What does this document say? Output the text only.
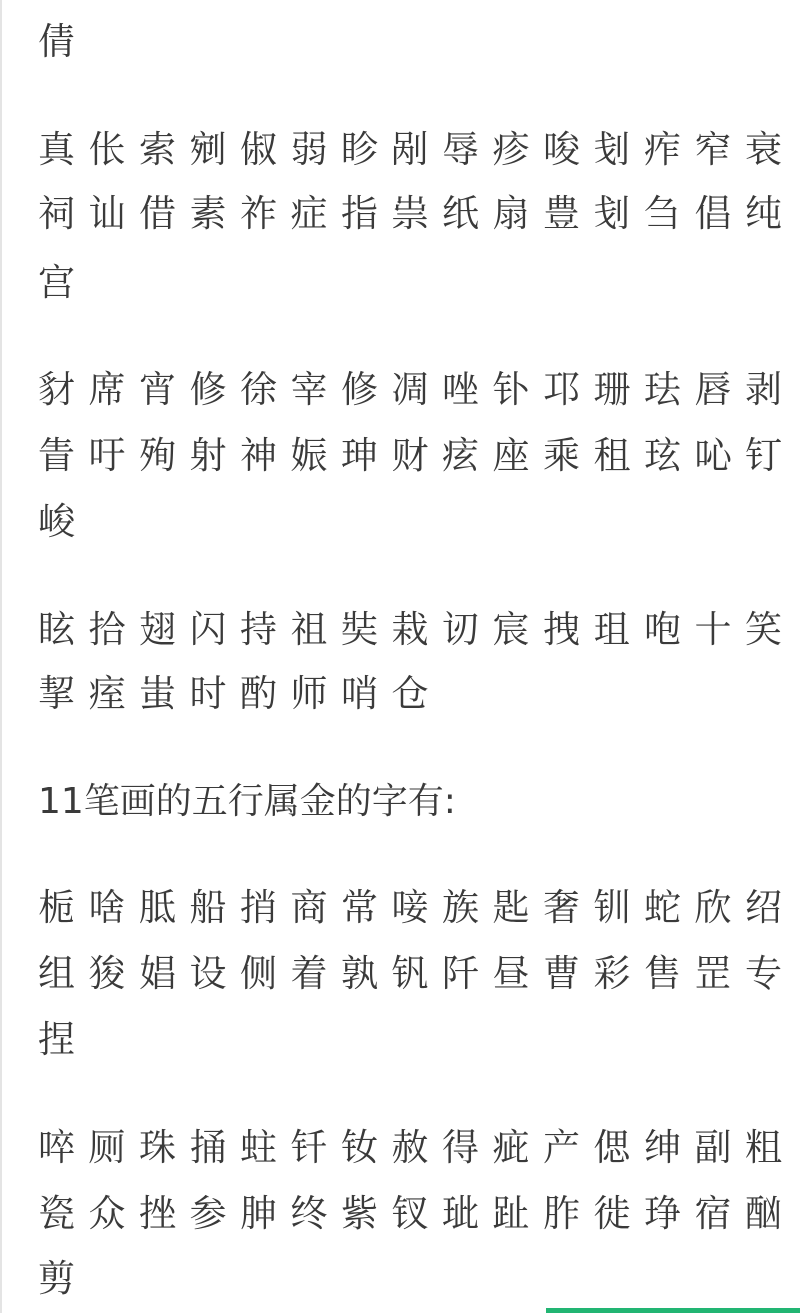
倩
真伥索剜俶弱眕剐辱疹唆刬痄窄衰
祠讪借素祚症指祟纸扇豊刬刍倡纯
宫
豺席宵修徐宰修凋唑钋邛珊珐唇剥
眚吁殉射神娠珅财痃座乘租玹吣钉
峻
眩拾翅闪持祖奘栽讱宸拽珇咆十笑
挈痓蚩时酌师哨仓
11笔画的五行属金的字有:
栀啥胝船捎商常唼族匙奢钏蛇欣绍
组狻娼设侧着孰钒阡昼曹彩售罡专
捏
啐厕珠捅蛀钎钕赦得疵产偲绅副粗
瓷众挫参胂终紫钗玼趾胙徙琤宿酗
剪
